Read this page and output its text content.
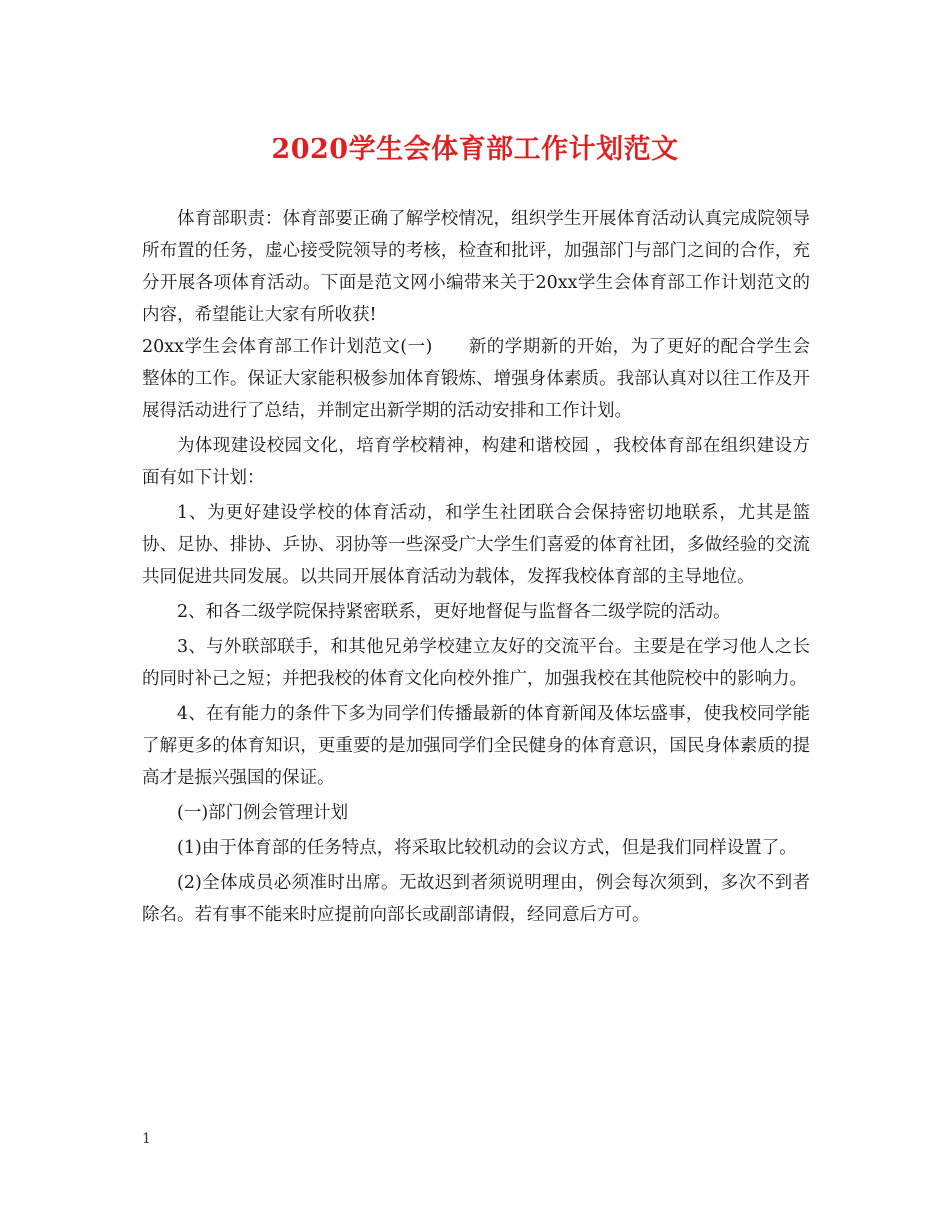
2020学生会体育部工作计划范文

体育部职责：体育部要正确了解学校情况，组织学生开展体育活动认真完成院领导所布置的任务，虚心接受院领导的考核，检查和批评，加强部门与部门之间的合作，充分开展各项体育活动。下面是范文网小编带来关于20xx学生会体育部工作计划范文的内容，希望能让大家有所收获!

20xx学生会体育部工作计划范文(一)　　新的学期新的开始，为了更好的配合学生会整体的工作。保证大家能积极参加体育锻炼、增强身体素质。我部认真对以往工作及开展得活动进行了总结，并制定出新学期的活动安排和工作计划。

为体现建设校园文化，培育学校精神，构建和谐校园 ，我校体育部在组织建设方面有如下计划：

1、为更好建设学校的体育活动，和学生社团联合会保持密切地联系，尤其是篮协、足协、排协、乒协、羽协等一些深受广大学生们喜爱的体育社团，多做经验的交流共同促进共同发展。以共同开展体育活动为载体，发挥我校体育部的主导地位。

2、和各二级学院保持紧密联系，更好地督促与监督各二级学院的活动。

3、与外联部联手，和其他兄弟学校建立友好的交流平台。主要是在学习他人之长的同时补己之短；并把我校的体育文化向校外推广，加强我校在其他院校中的影响力。

4、在有能力的条件下多为同学们传播最新的体育新闻及体坛盛事，使我校同学能了解更多的体育知识，更重要的是加强同学们全民健身的体育意识，国民身体素质的提高才是振兴强国的保证。

(一)部门例会管理计划

(1)由于体育部的任务特点，将采取比较机动的会议方式，但是我们同样设置了。

(2)全体成员必须准时出席。无故迟到者须说明理由，例会每次须到，多次不到者除名。若有事不能来时应提前向部长或副部请假，经同意后方可。

1
